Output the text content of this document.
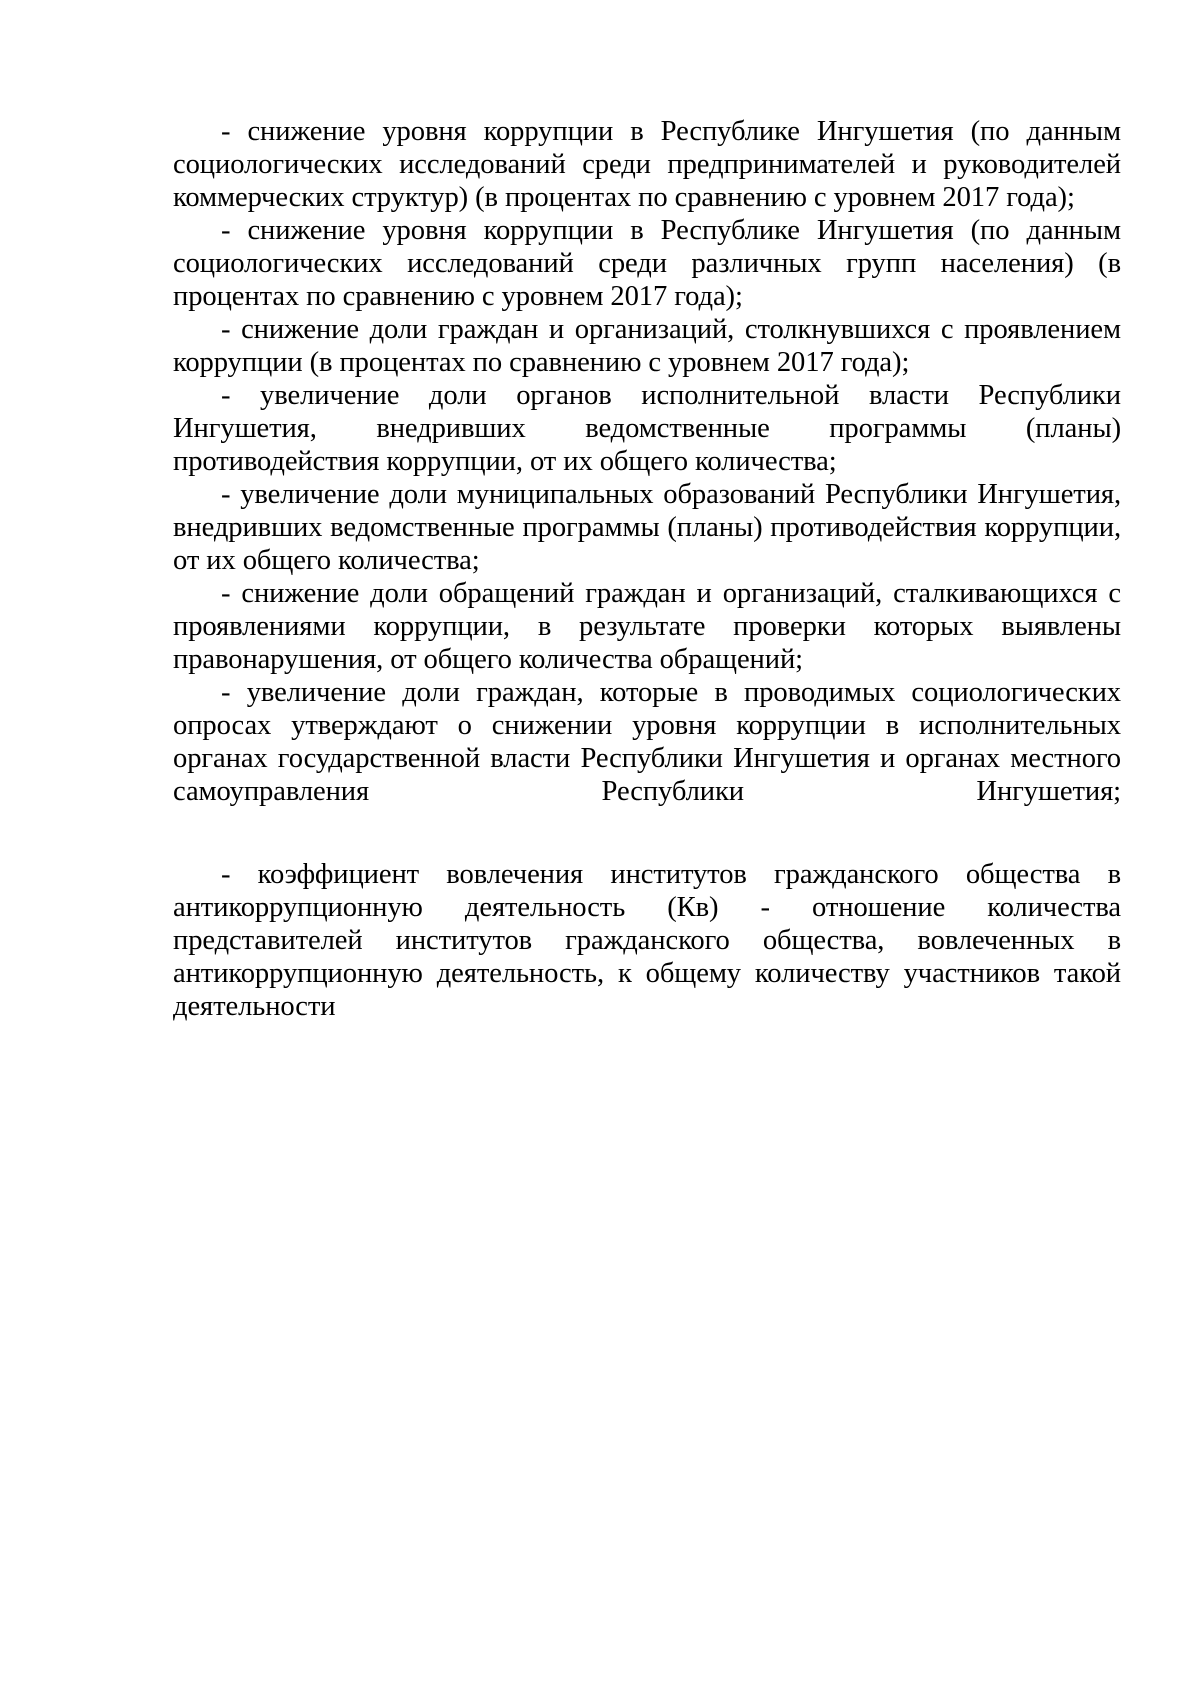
- снижение уровня коррупции в Республике Ингушетия (по данным социологических исследований среди предпринимателей и руководителей коммерческих структур) (в процентах по сравнению с уровнем 2017 года);

- снижение уровня коррупции в Республике Ингушетия (по данным социологических исследований среди различных групп населения) (в процентах по сравнению с уровнем 2017 года);

- снижение доли граждан и организаций, столкнувшихся с проявлением коррупции (в процентах по сравнению с уровнем 2017 года);

- увеличение доли органов исполнительной власти Республики Ингушетия, внедривших ведомственные программы (планы) противодействия коррупции, от их общего количества;

- увеличение доли муниципальных образований Республики Ингушетия, внедривших ведомственные программы (планы) противодействия коррупции, от их общего количества;

- снижение доли обращений граждан и организаций, сталкивающихся с проявлениями коррупции, в результате проверки которых выявлены правонарушения, от общего количества обращений;

- увеличение доли граждан, которые в проводимых социологических опросах утверждают о снижении уровня коррупции в исполнительных органах государственной власти Республики Ингушетия и органах местного самоуправления Республики Ингушетия;

- коэффициент вовлечения институтов гражданского общества в антикоррупционную деятельность (Кв) - отношение количества представителей институтов гражданского общества, вовлеченных в антикоррупционную деятельность, к общему количеству участников такой деятельности
